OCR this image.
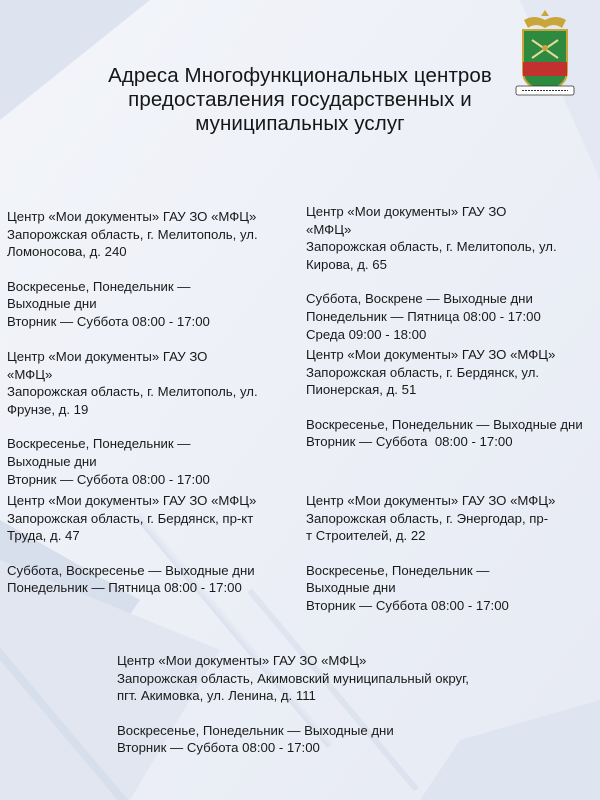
Адреса Многофункциональных центров предоставления государственных и муниципальных услуг

Центр «Мои документы» ГАУ ЗО «МФЦ»

Запорожская область, г. Мелитополь, ул. Ломоносова, д. 240

Воскресенье, Понедельник — Выходные дни

Вторник — Суббота 08:00 - 17:00

Центр «Мои документы» ГАУ ЗО «МФЦ»

Запорожская область, г. Мелитополь, ул. Кирова, д. 65

Суббота, Воскрене — Выходные дни

Понедельник — Пятница 08:00 - 17:00

Среда 09:00 - 18:00

Центр «Мои документы» ГАУ ЗО «МФЦ»

Запорожская область, г. Мелитополь, ул. Фрунзе, д. 19

Воскресенье, Понедельник — Выходные дни

Вторник — Суббота 08:00 - 17:00

Центр «Мои документы» ГАУ ЗО «МФЦ»

Запорожская область, г. Бердянск, ул. Пионерская, д. 51

Воскресенье, Понедельник — Выходные дни

Вторник — Суббота  08:00 - 17:00

Центр «Мои документы» ГАУ ЗО «МФЦ»

Запорожская область, г. Бердянск, пр-кт Труда, д. 47

Суббота, Воскресенье — Выходные дни

Понедельник — Пятница 08:00 - 17:00

Центр «Мои документы» ГАУ ЗО «МФЦ»

Запорожская область, г. Энергодар, пр-т Строителей, д. 22

Воскресенье, Понедельник — Выходные дни

Вторник — Суббота 08:00 - 17:00

Центр «Мои документы» ГАУ ЗО «МФЦ»

Запорожская область, Акимовский муниципальный округ, пгт. Акимовка, ул. Ленина, д. 111

Воскресенье, Понедельник — Выходные дни

Вторник — Суббота 08:00 - 17:00
